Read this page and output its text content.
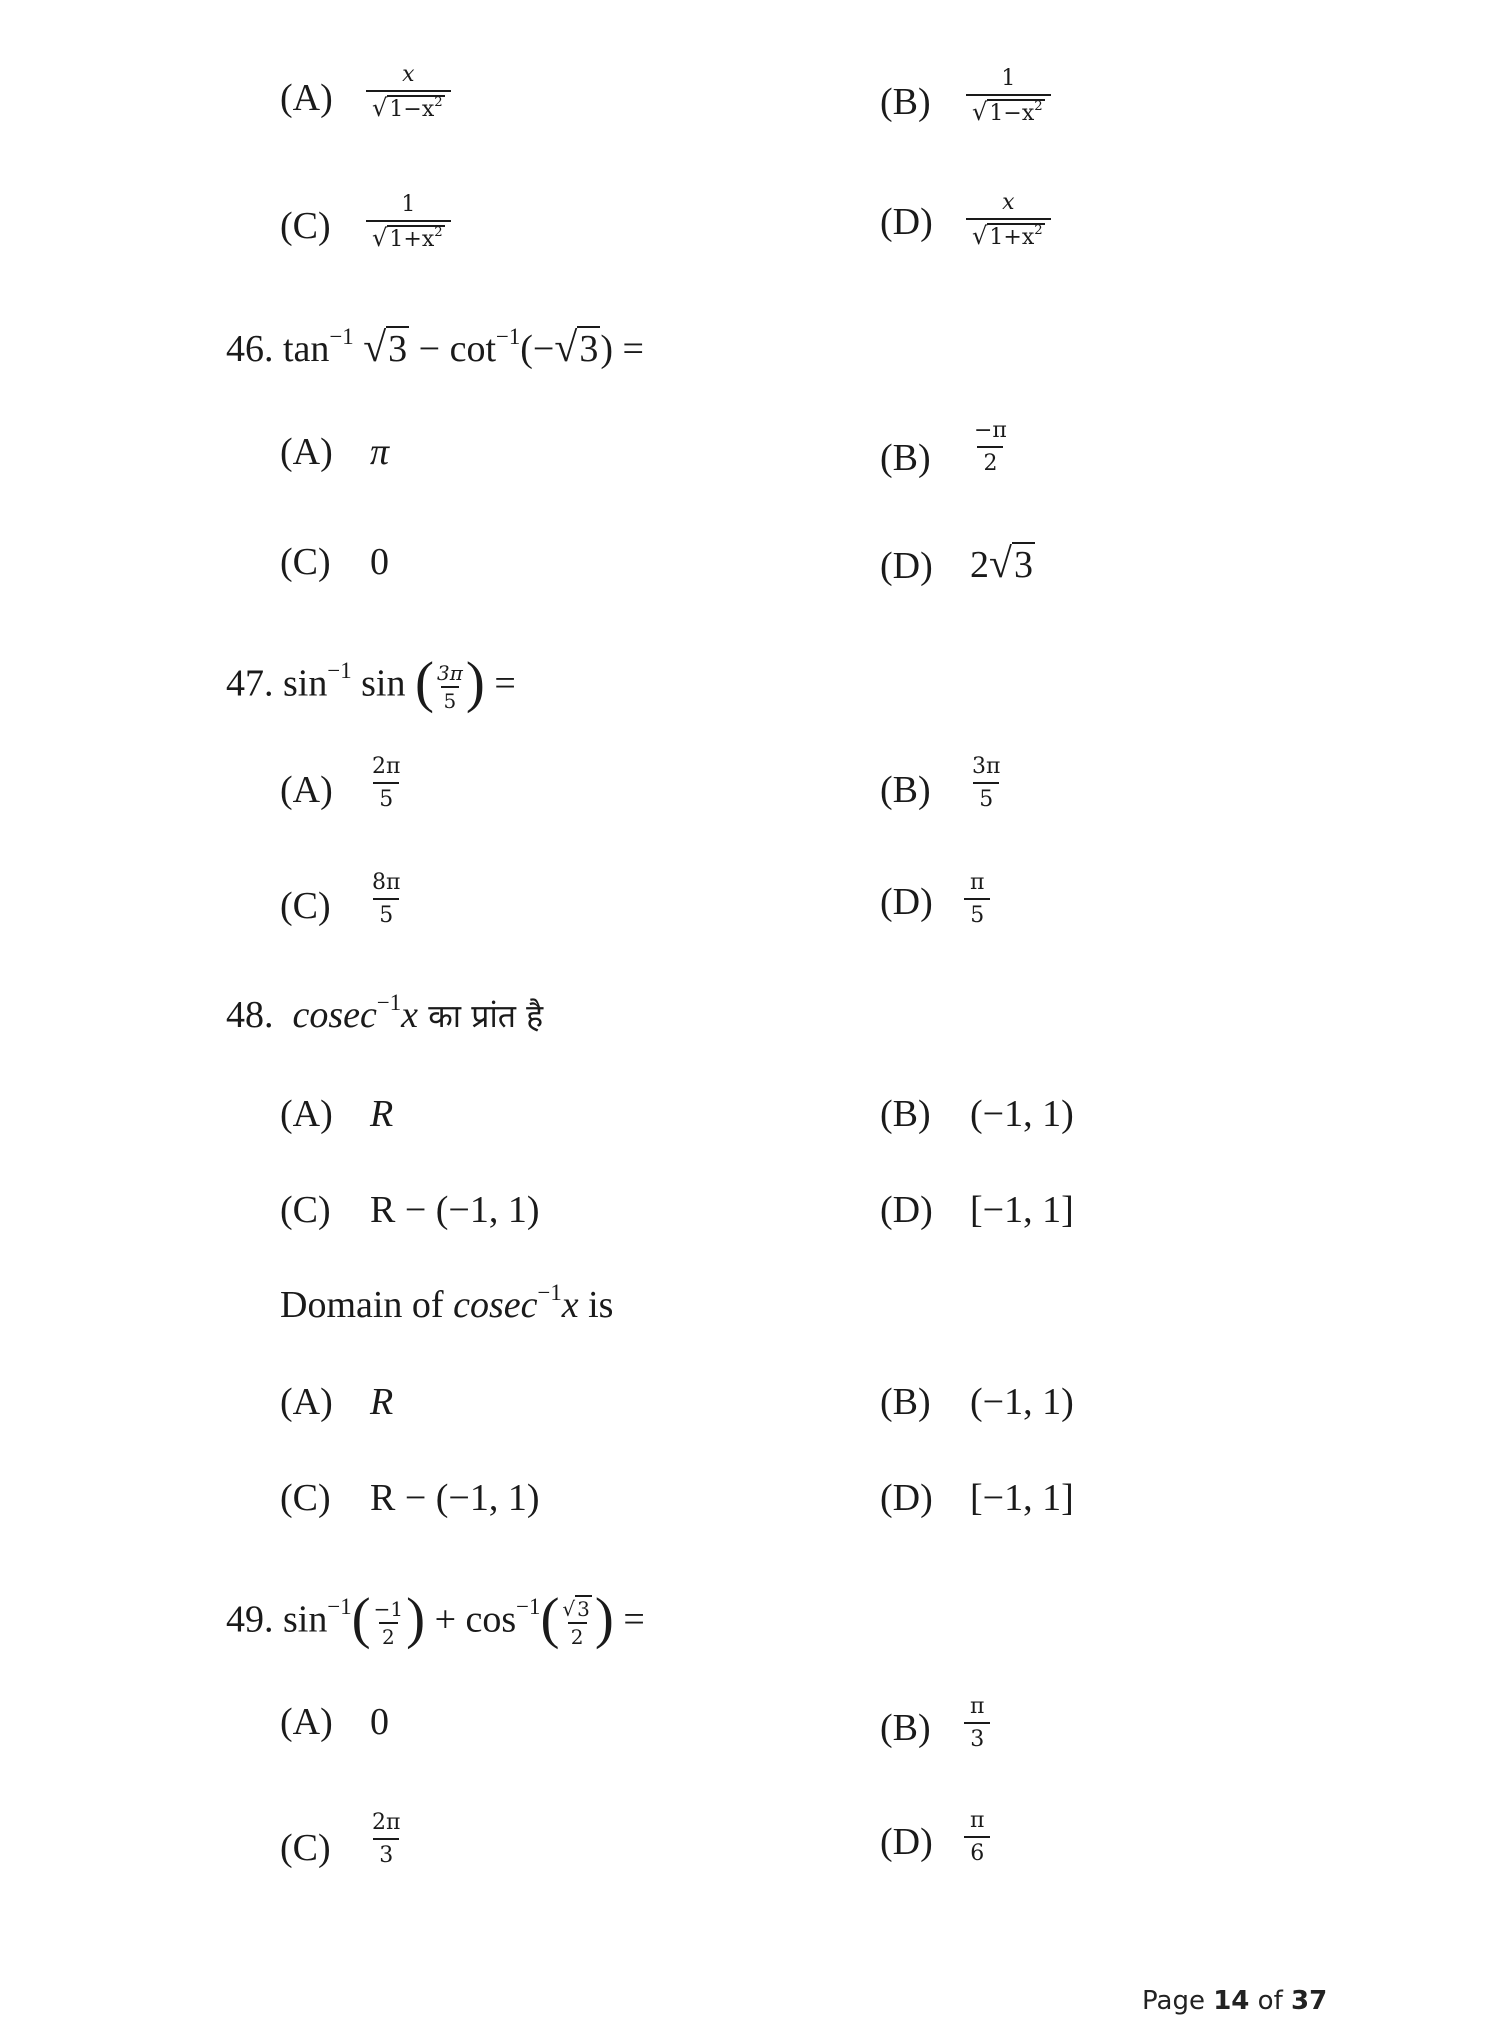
$(A) \frac{x}{√1-x^2}$	$(B) \frac{1}{√1-x^2}$
$(C) \frac{1}{√1+x^2}$	$(D) \frac{x}{√1+x^2}$
46. $\tan^{-1} √3 - \cot^{-1}(-√3)$ =
(A) π	$(B) \frac{-\pi}{2}$
(C) 0	(D) 2√3
47. $\sin^{-1} \sin$ ( $\frac{3\pi}{5}$ ) =
$(A) \frac{2\pi}{5}$	$(B) \frac{3\pi}{5}$
$(C) \frac{8\pi}{5}$	$(D) \frac{\pi}{5}$
48. cosec$^{-1}$x का प्रांत है
(A) R	(B) (−1, 1)
(C) R − (−1, 1)	(D) [−1, 1]
Domain of cosec$^{-1}$x is
(A) R	(B) (−1, 1)
(C) R − (−1, 1)	(D) [−1, 1]
49. $\sin^{-1}( \frac{-1}{2}$ ) + $\cos^{-1}( \frac{√ 3}{2}$ ) =
(A) 0	$(B) \frac{\pi}{3}$
$(C) \frac{2\pi}{3}$	$(D) \frac{\pi}{6}$
Page 14 of 37
